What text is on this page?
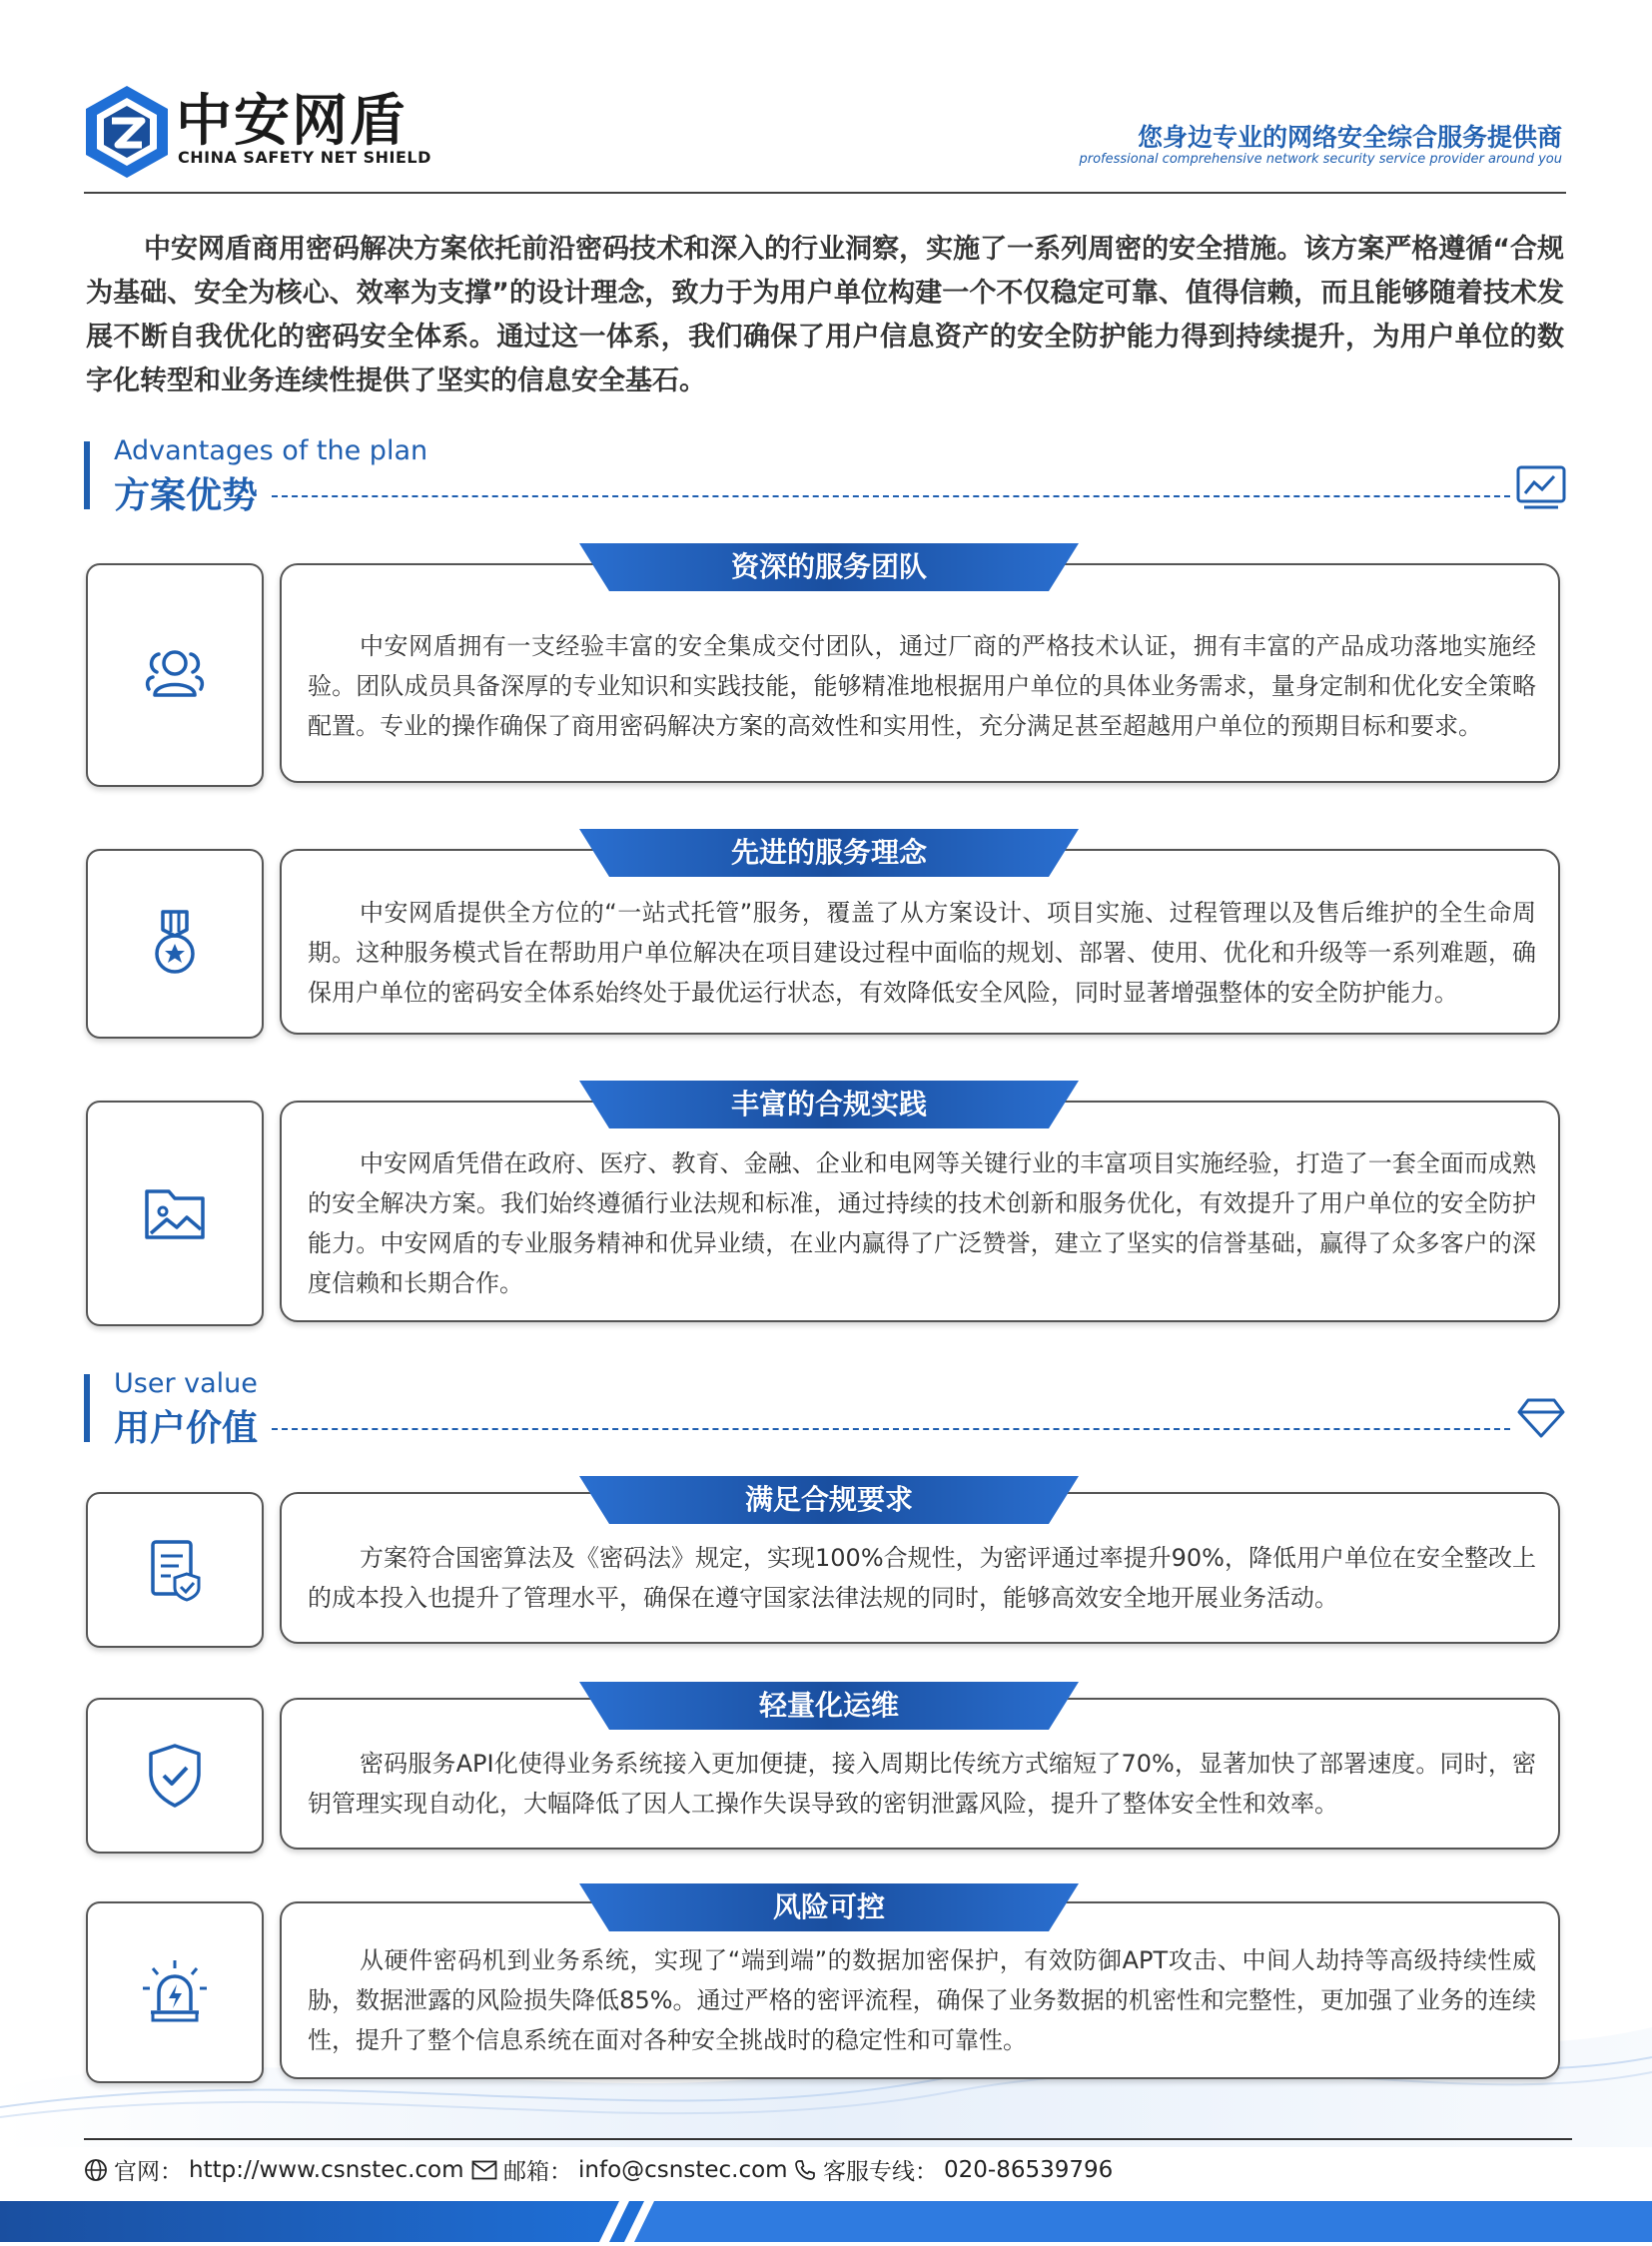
中安网盾
CHINA SAFETY NET SHIELD
您身边专业的网络安全综合服务提供商
professional comprehensive network security service provider around you
中安网盾商用密码解决方案依托前沿密码技术和深入的行业洞察，实施了一系列周密的安全措施。该方案严格遵循“合规为基础、安全为核心、效率为支撑”的设计理念，致力于为用户单位构建一个不仅稳定可靠、值得信赖，而且能够随着技术发展不断自我优化的密码安全体系。通过这一体系，我们确保了用户信息资产的安全防护能力得到持续提升，为用户单位的数字化转型和业务连续性提供了坚实的信息安全基石。
Advantages of the plan
方案优势

中安网盾拥有一支经验丰富的安全集成交付团队，通过厂商的严格技术认证，拥有丰富的产品成功落地实施经验。团队成员具备深厚的专业知识和实践技能，能够精准地根据用户单位的具体业务需求，量身定制和优化安全策略配置。专业的操作确保了商用密码解决方案的高效性和实用性，充分满足甚至超越用户单位的预期目标和要求。

资深的服务团队

中安网盾提供全方位的“一站式托管”服务，覆盖了从方案设计、项目实施、过程管理以及售后维护的全生命周期。这种服务模式旨在帮助用户单位解决在项目建设过程中面临的规划、部署、使用、优化和升级等一系列难题，确保用户单位的密码安全体系始终处于最优运行状态，有效降低安全风险，同时显著增强整体的安全防护能力。

先进的服务理念

中安网盾凭借在政府、医疗、教育、金融、企业和电网等关键行业的丰富项目实施经验，打造了一套全面而成熟的安全解决方案。我们始终遵循行业法规和标准，通过持续的技术创新和服务优化，有效提升了用户单位的安全防护能力。中安网盾的专业服务精神和优异业绩，在业内赢得了广泛赞誉，建立了坚实的信誉基础，赢得了众多客户的深度信赖和长期合作。

丰富的合规实践
User value
用户价值

方案符合国密算法及《密码法》规定，实现100%合规性，为密评通过率提升90%，降低用户单位在安全整改上的成本投入也提升了管理水平，确保在遵守国家法律法规的同时，能够高效安全地开展业务活动。

满足合规要求

密码服务API化使得业务系统接入更加便捷，接入周期比传统方式缩短了70%，显著加快了部署速度。同时，密钥管理实现自动化，大幅降低了因人工操作失误导致的密钥泄露风险，提升了整体安全性和效率。

轻量化运维

从硬件密码机到业务系统，实现了“端到端”的数据加密保护，有效防御APT攻击、中间人劫持等高级持续性威胁，数据泄露的风险损失降低85%。通过严格的密评流程，确保了业务数据的机密性和完整性，更加强了业务的连续性，提升了整个信息系统在面对各种安全挑战时的稳定性和可靠性。

风险可控
官网： http://www.csnstec.com 邮箱： info@csnstec.com 客服专线： 020-86539796
